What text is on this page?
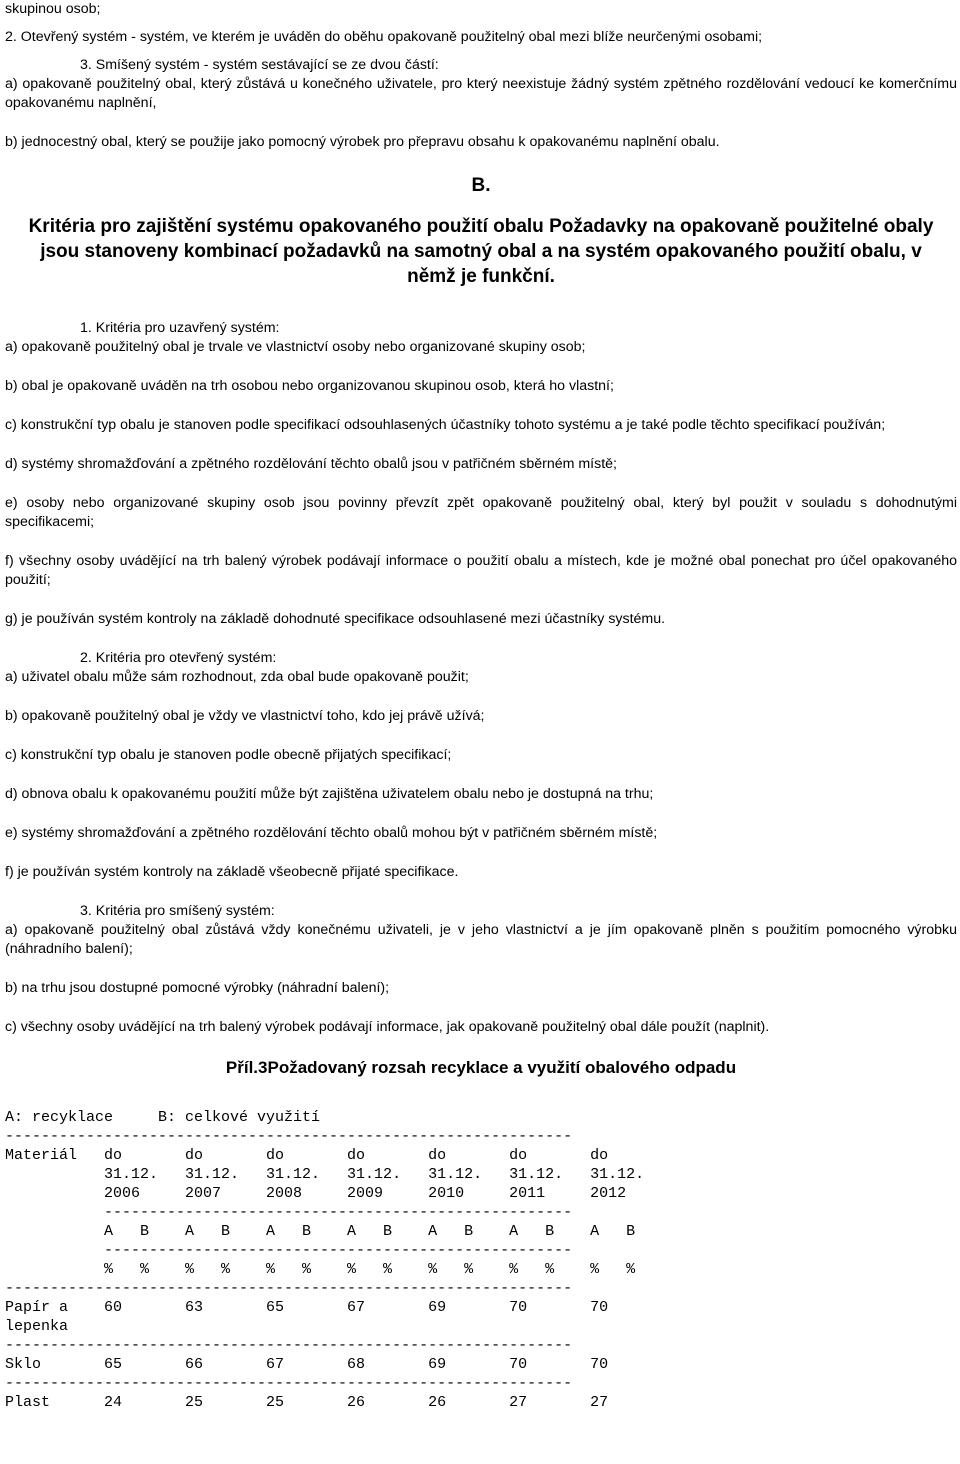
skupinou osob;

2. Otevřený systém - systém, ve kterém je uváděn do oběhu opakovaně použitelný obal mezi blíže neurčenými osobami;

3. Smíšený systém - systém sestávající se ze dvou částí:

a) opakovaně použitelný obal, který zůstává u konečného uživatele, pro který neexistuje žádný systém zpětného rozdělování vedoucí ke komerčnímu opakovanému naplnění,

b) jednocestný obal, který se použije jako pomocný výrobek pro přepravu obsahu k opakovanému naplnění obalu.

B.

Kritéria pro zajištění systému opakovaného použití obalu Požadavky na opakovaně použitelné obaly jsou stanoveny kombinací požadavků na samotný obal a na systém opakovaného použití obalu, v němž je funkční.

1. Kritéria pro uzavřený systém:

a) opakovaně použitelný obal je trvale ve vlastnictví osoby nebo organizované skupiny osob;

b) obal je opakovaně uváděn na trh osobou nebo organizovanou skupinou osob, která ho vlastní;

c) konstrukční typ obalu je stanoven podle specifikací odsouhlasených účastníky tohoto systému a je také podle těchto specifikací používán;

d) systémy shromažďování a zpětného rozdělování těchto obalů jsou v patřičném sběrném místě;

e) osoby nebo organizované skupiny osob jsou povinny převzít zpět opakovaně použitelný obal, který byl použit v souladu s dohodnutými specifikacemi;

f) všechny osoby uvádějící na trh balený výrobek podávají informace o použití obalu a místech, kde je možné obal ponechat pro účel opakovaného použití;

g) je používán systém kontroly na základě dohodnuté specifikace odsouhlasené mezi účastníky systému.

2. Kritéria pro otevřený systém:

a) uživatel obalu může sám rozhodnout, zda obal bude opakovaně použit;

b) opakovaně použitelný obal je vždy ve vlastnictví toho, kdo jej právě užívá;

c) konstrukční typ obalu je stanoven podle obecně přijatých specifikací;

d) obnova obalu k opakovanému použití může být zajištěna uživatelem obalu nebo je dostupná na trhu;

e) systémy shromažďování a zpětného rozdělování těchto obalů mohou být v patřičném sběrném místě;

f) je používán systém kontroly na základě všeobecně přijaté specifikace.

3. Kritéria pro smíšený systém:

a) opakovaně použitelný obal zůstává vždy konečnému uživateli, je v jeho vlastnictví a je jím opakovaně plněn s použitím pomocného výrobku (náhradního balení);

b) na trhu jsou dostupné pomocné výrobky (náhradní balení);

c) všechny osoby uvádějící na trh balený výrobek podávají informace, jak opakovaně použitelný obal dále použít (naplnit).

Příl.3Požadovaný rozsah recyklace a využití obalového odpadu

A: recyklace     B: celkové využití
---------------------------------------------------------------
Materiál   do       do       do       do       do       do       do
31.12.   31.12.   31.12.   31.12.   31.12.   31.12.   31.12.
2006     2007     2008     2009     2010     2011     2012
----------------------------------------------------
A   B    A   B    A   B    A   B    A   B    A   B    A   B
----------------------------------------------------
%   %    %   %    %   %    %   %    %   %    %   %    %   %
---------------------------------------------------------------
Papír a    60       63       65       67       69       70       70
lepenka
---------------------------------------------------------------
Sklo       65       66       67       68       69       70       70
---------------------------------------------------------------
Plast      24       25       25       26       26       27       27
